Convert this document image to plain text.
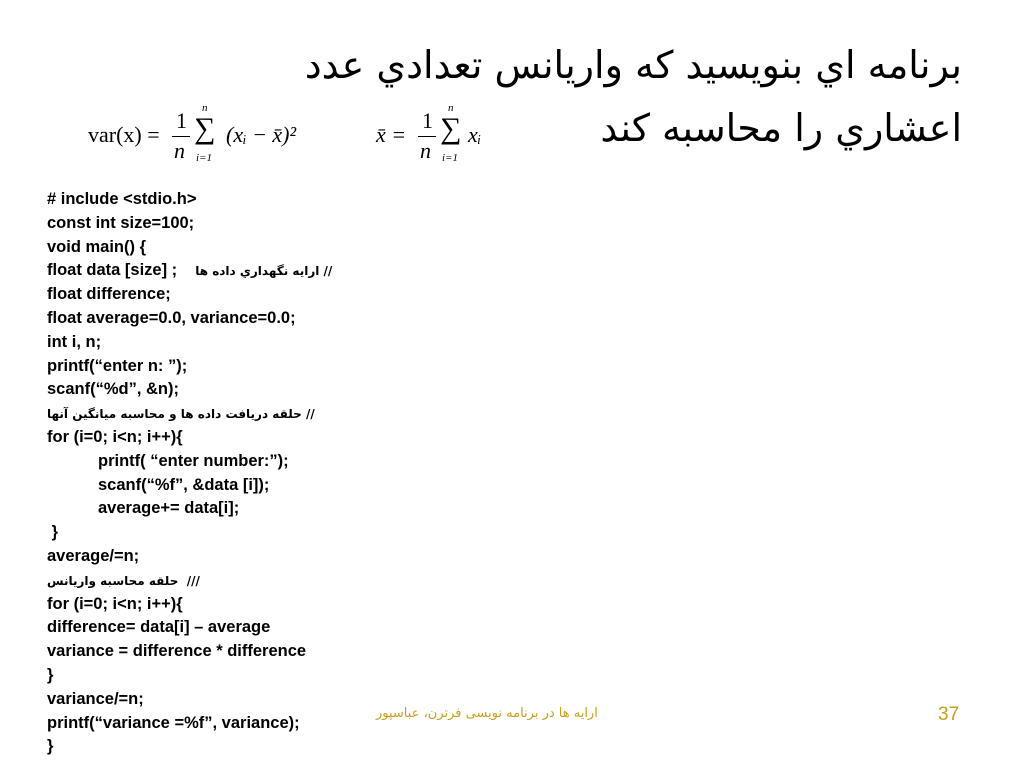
برنامه اي بنويسيد كه واريانس تعدادي عدد
اعشاري را محاسبه كند
var(x) =
1
n
n
∑
i=1
(xᵢ − x̄)²	x̄ =
1
n
n
∑
i=1
xᵢ
# include <stdio.h>
const int size=100;
void main() {
float data [size] ; // ارايه نگهداري داده ها
float difference;
float average=0.0, variance=0.0;
int i, n;
printf(“enter n: ”);
scanf(“%d”, &n);
// حلقه دريافت داده ها و محاسبه ميانگين آنها
for (i=0; i<n; i++){
printf( “enter number:”);
scanf(“%f”, &data [i]);
average+= data[i];
}
average/=n;
///  حلقه محاسبه واريانس
for (i=0; i<n; i++){
difference= data[i] – average
variance = difference * difference
}
variance/=n;
printf(“variance =%f”, variance);
}
ارايه ها در برنامه نويسی فرترن، عباسپور	37
